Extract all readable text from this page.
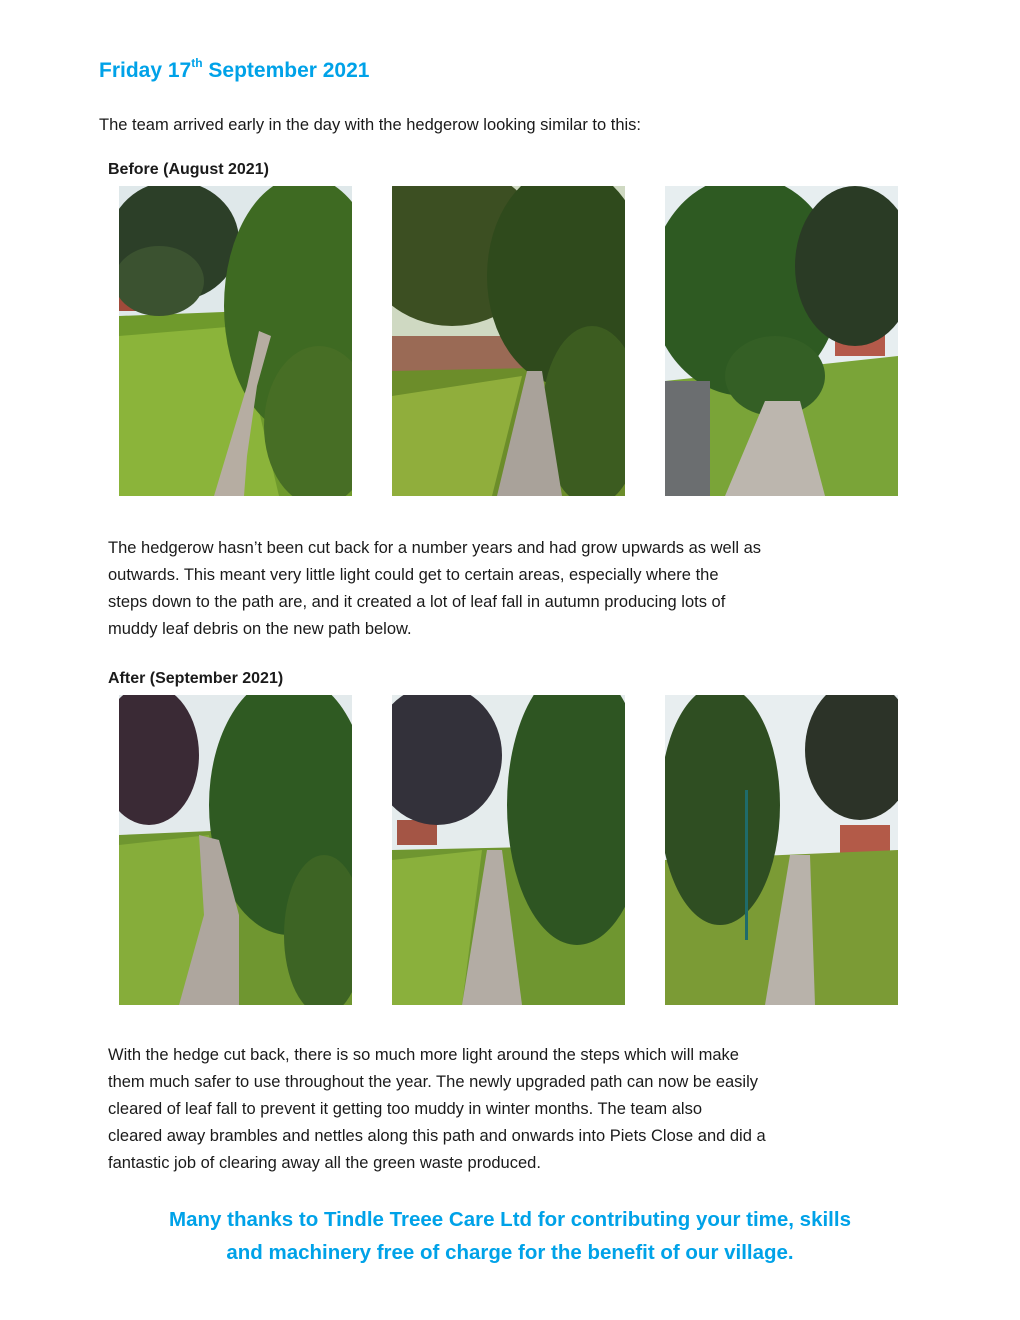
Friday 17th September 2021
The team arrived early in the day with the hedgerow looking similar to this:
Before (August 2021)
The hedgerow hasn’t been cut back for a number years and had grow upwards as well as
outwards. This meant very little light could get to certain areas, especially where the
steps down to the path are, and it created a lot of leaf fall in autumn producing lots of
muddy leaf debris on the new path below.
After (September 2021)
With the hedge cut back, there is so much more light around the steps which will make
them much safer to use throughout the year. The newly upgraded path can now be easily
cleared of leaf fall to prevent it getting too muddy in winter months. The team also
cleared away brambles and nettles along this path and onwards into Piets Close and did a
fantastic job of clearing away all the green waste produced.
Many thanks to Tindle Treee Care Ltd for contributing your time, skills
and machinery free of charge for the benefit of our village.
